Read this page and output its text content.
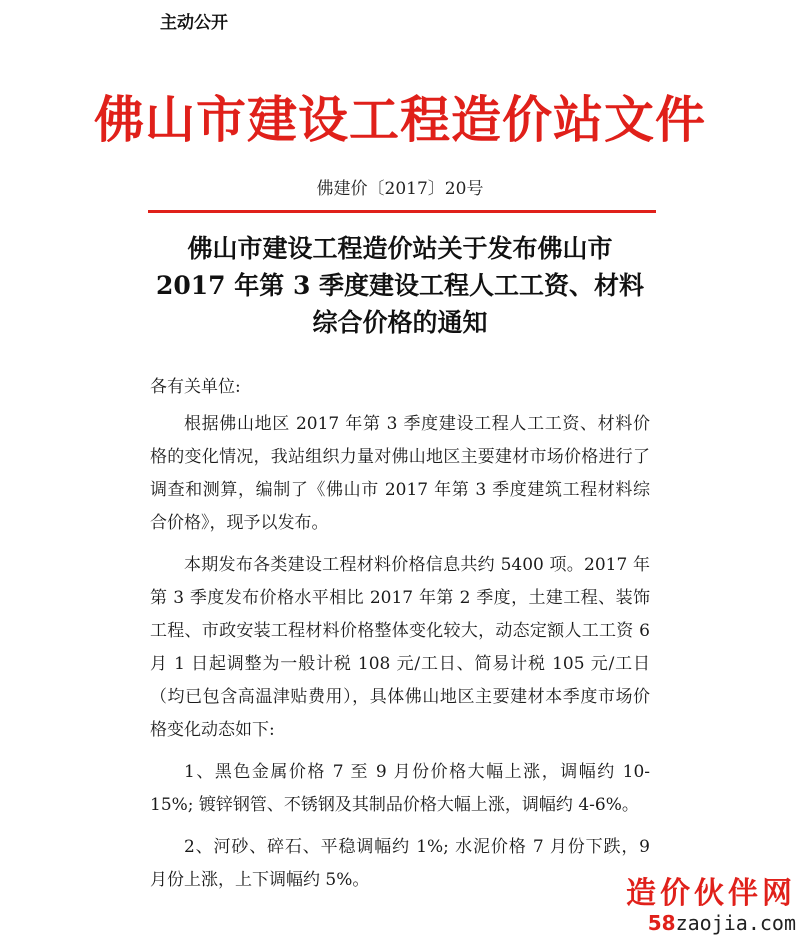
主动公开
佛山市建设工程造价站文件
佛建价〔2017〕20号
佛山市建设工程造价站关于发布佛山市
2017 年第 3 季度建设工程人工工资、材料
综合价格的通知
各有关单位:

根据佛山地区 2017 年第 3 季度建设工程人工工资、材料价格的变化情况，我站组织力量对佛山地区主要建材市场价格进行了调查和测算，编制了《佛山市 2017 年第 3 季度建筑工程材料综合价格》，现予以发布。

本期发布各类建设工程材料价格信息共约 5400 项。2017 年第 3 季度发布价格水平相比 2017 年第 2 季度，土建工程、装饰工程、市政安装工程材料价格整体变化较大，动态定额人工工资 6 月 1 日起调整为一般计税 108 元/工日、简易计税 105 元/工日（均已包含高温津贴费用），具体佛山地区主要建材本季度市场价格变化动态如下:

1、黑色金属价格 7 至 9 月份价格大幅上涨，调幅约 10-15%; 镀锌钢管、不锈钢及其制品价格大幅上涨，调幅约 4-6%。

2、河砂、碎石、平稳调幅约 1%; 水泥价格 7 月份下跌，9 月份上涨，上下调幅约 5%。	造价伙伴网
58zaojia.com
